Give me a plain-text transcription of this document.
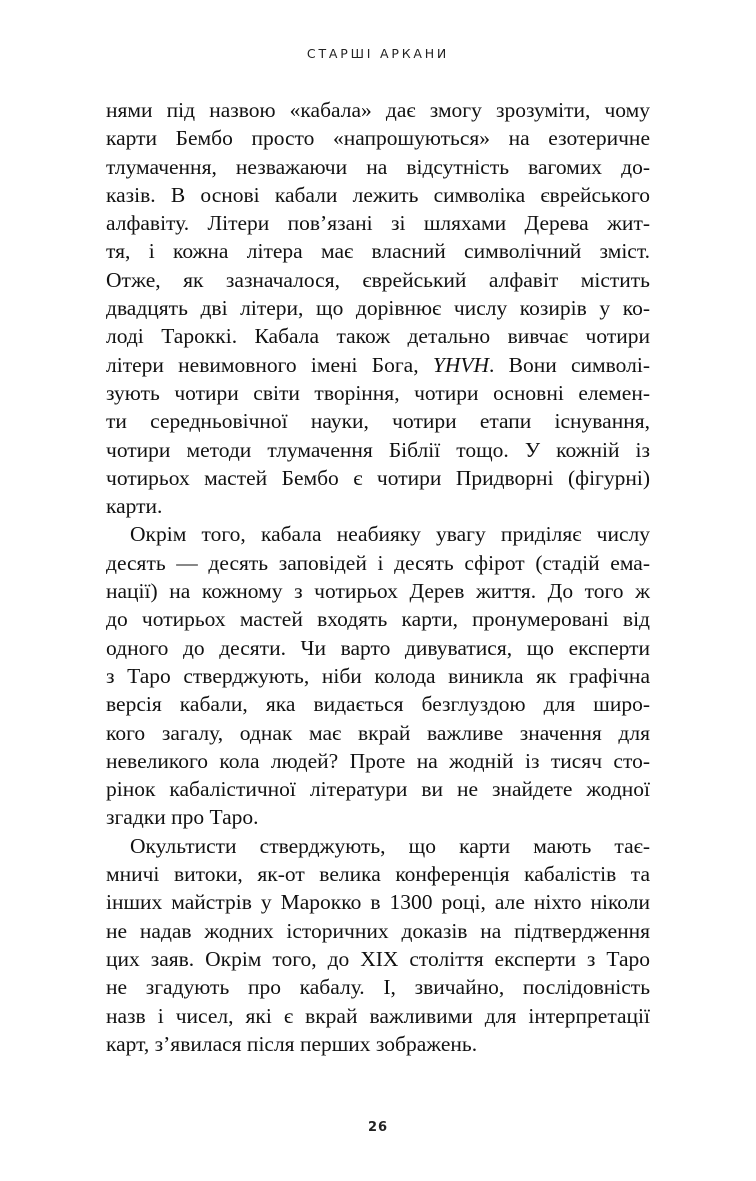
СТАРШІ АРКАНИ
нями під назвою «кабала» дає змогу зрозуміти, чому
карти Бембо просто «напрошуються» на езотеричне
тлумачення, незважаючи на відсутність вагомих до-
казів. В основі кабали лежить символіка єврейського
алфавіту. Літери пов’язані зі шляхами Дерева жит-
тя, і кожна літера має власний символічний зміст.
Отже, як зазначалося, єврейський алфавіт містить
двадцять дві літери, що дорівнює числу козирів у ко-
лоді Тароккі. Кабала також детально вивчає чотири
літери невимовного імені Бога, YHVH. Вони символі-
зують чотири світи творіння, чотири основні елемен-
ти середньовічної науки, чотири етапи існування,
чотири методи тлумачення Біблії тощо. У кожній із
чотирьох мастей Бембо є чотири Придворні (фігурні)
карти.
Окрім того, кабала неабияку увагу приділяє числу
десять — десять заповідей і десять сфірот (стадій ема-
нації) на кожному з чотирьох Дерев життя. До того ж
до чотирьох мастей входять карти, пронумеровані від
одного до десяти. Чи варто дивуватися, що експерти
з Таро стверджують, ніби колода виникла як графічна
версія кабали, яка видається безглуздою для широ-
кого загалу, однак має вкрай важливе значення для
невеликого кола людей? Проте на жодній із тисяч сто-
рінок кабалістичної літератури ви не знайдете жодної
згадки про Таро.
Окультисти стверджують, що карти мають тає-
мничі витоки, як-от велика конференція кабалістів та
інших майстрів у Марокко в 1300 році, але ніхто ніколи
не надав жодних історичних доказів на підтвердження
цих заяв. Окрім того, до XIX століття експерти з Таро
не згадують про кабалу. І, звичайно, послідовність
назв і чисел, які є вкрай важливими для інтерпретації
карт, з’явилася після перших зображень.
26
